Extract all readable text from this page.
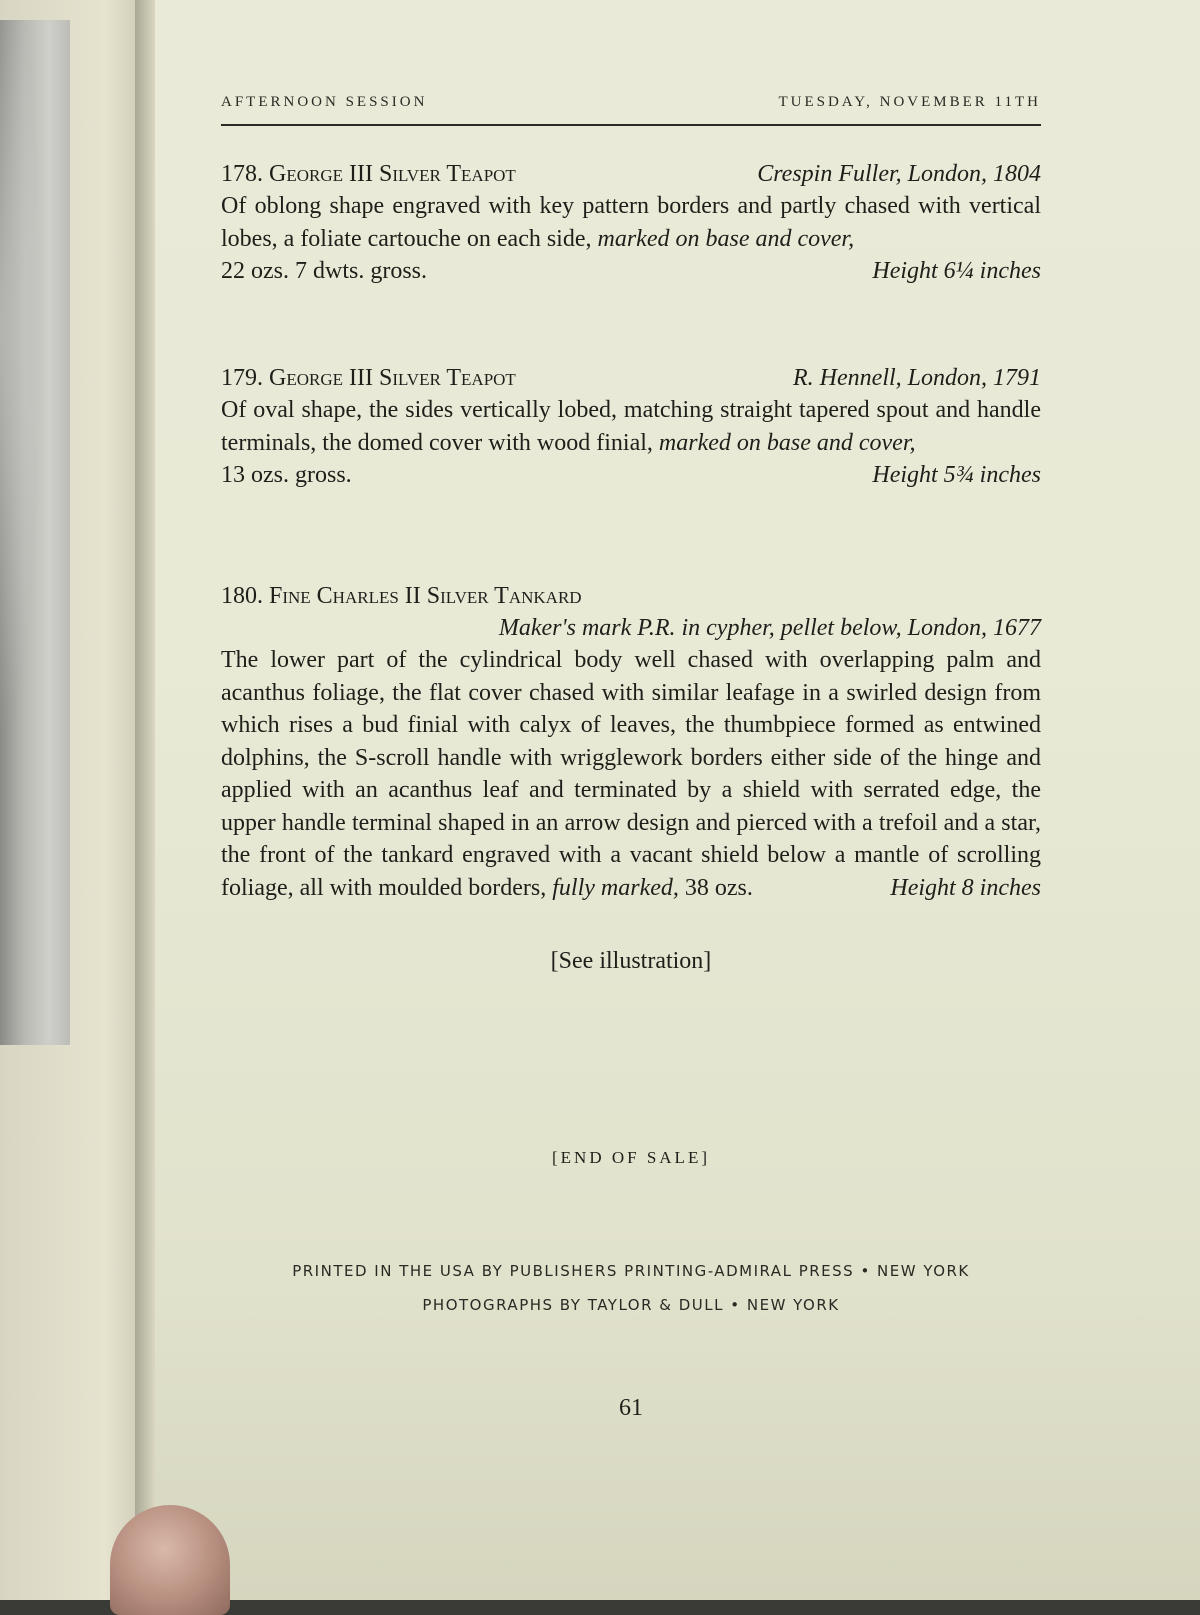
AFTERNOON SESSION	TUESDAY, NOVEMBER 11TH
178. George III Silver Teapot	Crespin Fuller, London, 1804
Of oblong shape engraved with key pattern borders and partly chased with vertical lobes, a foliate cartouche on each side, marked on base and cover,
22 ozs. 7 dwts. gross.	Height 6¼ inches
179. George III Silver Teapot	R. Hennell, London, 1791
Of oval shape, the sides vertically lobed, matching straight tapered spout and handle terminals, the domed cover with wood finial, marked on base and cover,
13 ozs. gross.	Height 5¾ inches
180. Fine Charles II Silver Tankard
Maker's mark P.R. in cypher, pellet below, London, 1677
The lower part of the cylindrical body well chased with overlapping palm and acanthus foliage, the flat cover chased with similar leafage in a swirled design from which rises a bud finial with calyx of leaves, the thumbpiece formed as entwined dolphins, the S-scroll handle with wrigglework borders either side of the hinge and applied with an acanthus leaf and terminated by a shield with serrated edge, the upper handle terminal shaped in an arrow design and pierced with a trefoil and a star, the front of the tankard engraved with a vacant shield below a mantle of scrolling foliage, all with moulded borders, fully marked, 38 ozs.	Height 8 inches
[See illustration]
[END OF SALE]
PRINTED IN THE USA BY PUBLISHERS PRINTING-ADMIRAL PRESS • NEW YORK
PHOTOGRAPHS BY TAYLOR & DULL • NEW YORK
61
